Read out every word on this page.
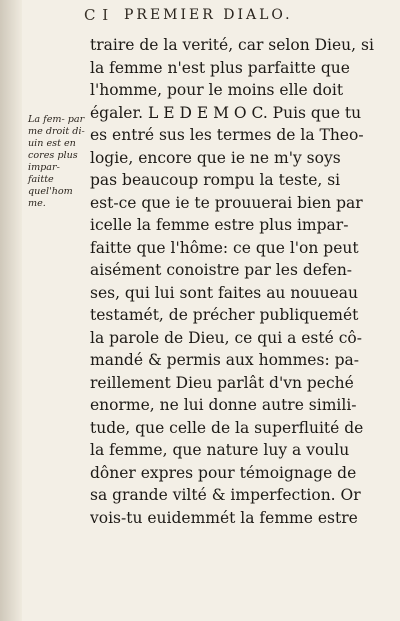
C I PREMIER DIALO.
La fem- par
me droit di-
uin est en
cores plus
impar-
faitte
quel'hom
me.
traire de la verité, car selon Dieu, si
la femme n'est plus parfaitte que
l'homme, pour le moins elle doit
égaler. L E D E M O C. Puis que tu
es entré sus les termes de la Theo-
logie, encore que ie ne m'y soys
pas beaucoup rompu la teste, si
est-ce que ie te prouuerai bien par
icelle la femme estre plus impar-
faitte que l'hôme: ce que l'on peut
aisément conoistre par les defen-
ses, qui lui sont faites au nouueau
testamét, de précher publiquemét
la parole de Dieu, ce qui a esté cô-
mandé & permis aux hommes: pa-
reillement Dieu parlât d'vn peché
enorme, ne lui donne autre simili-
tude, que celle de la superfluité de
la femme, que nature luy a voulu
dôner expres pour témoignage de
sa grande vilté & imperfection. Or
vois-tu euidemmét la femme estre
